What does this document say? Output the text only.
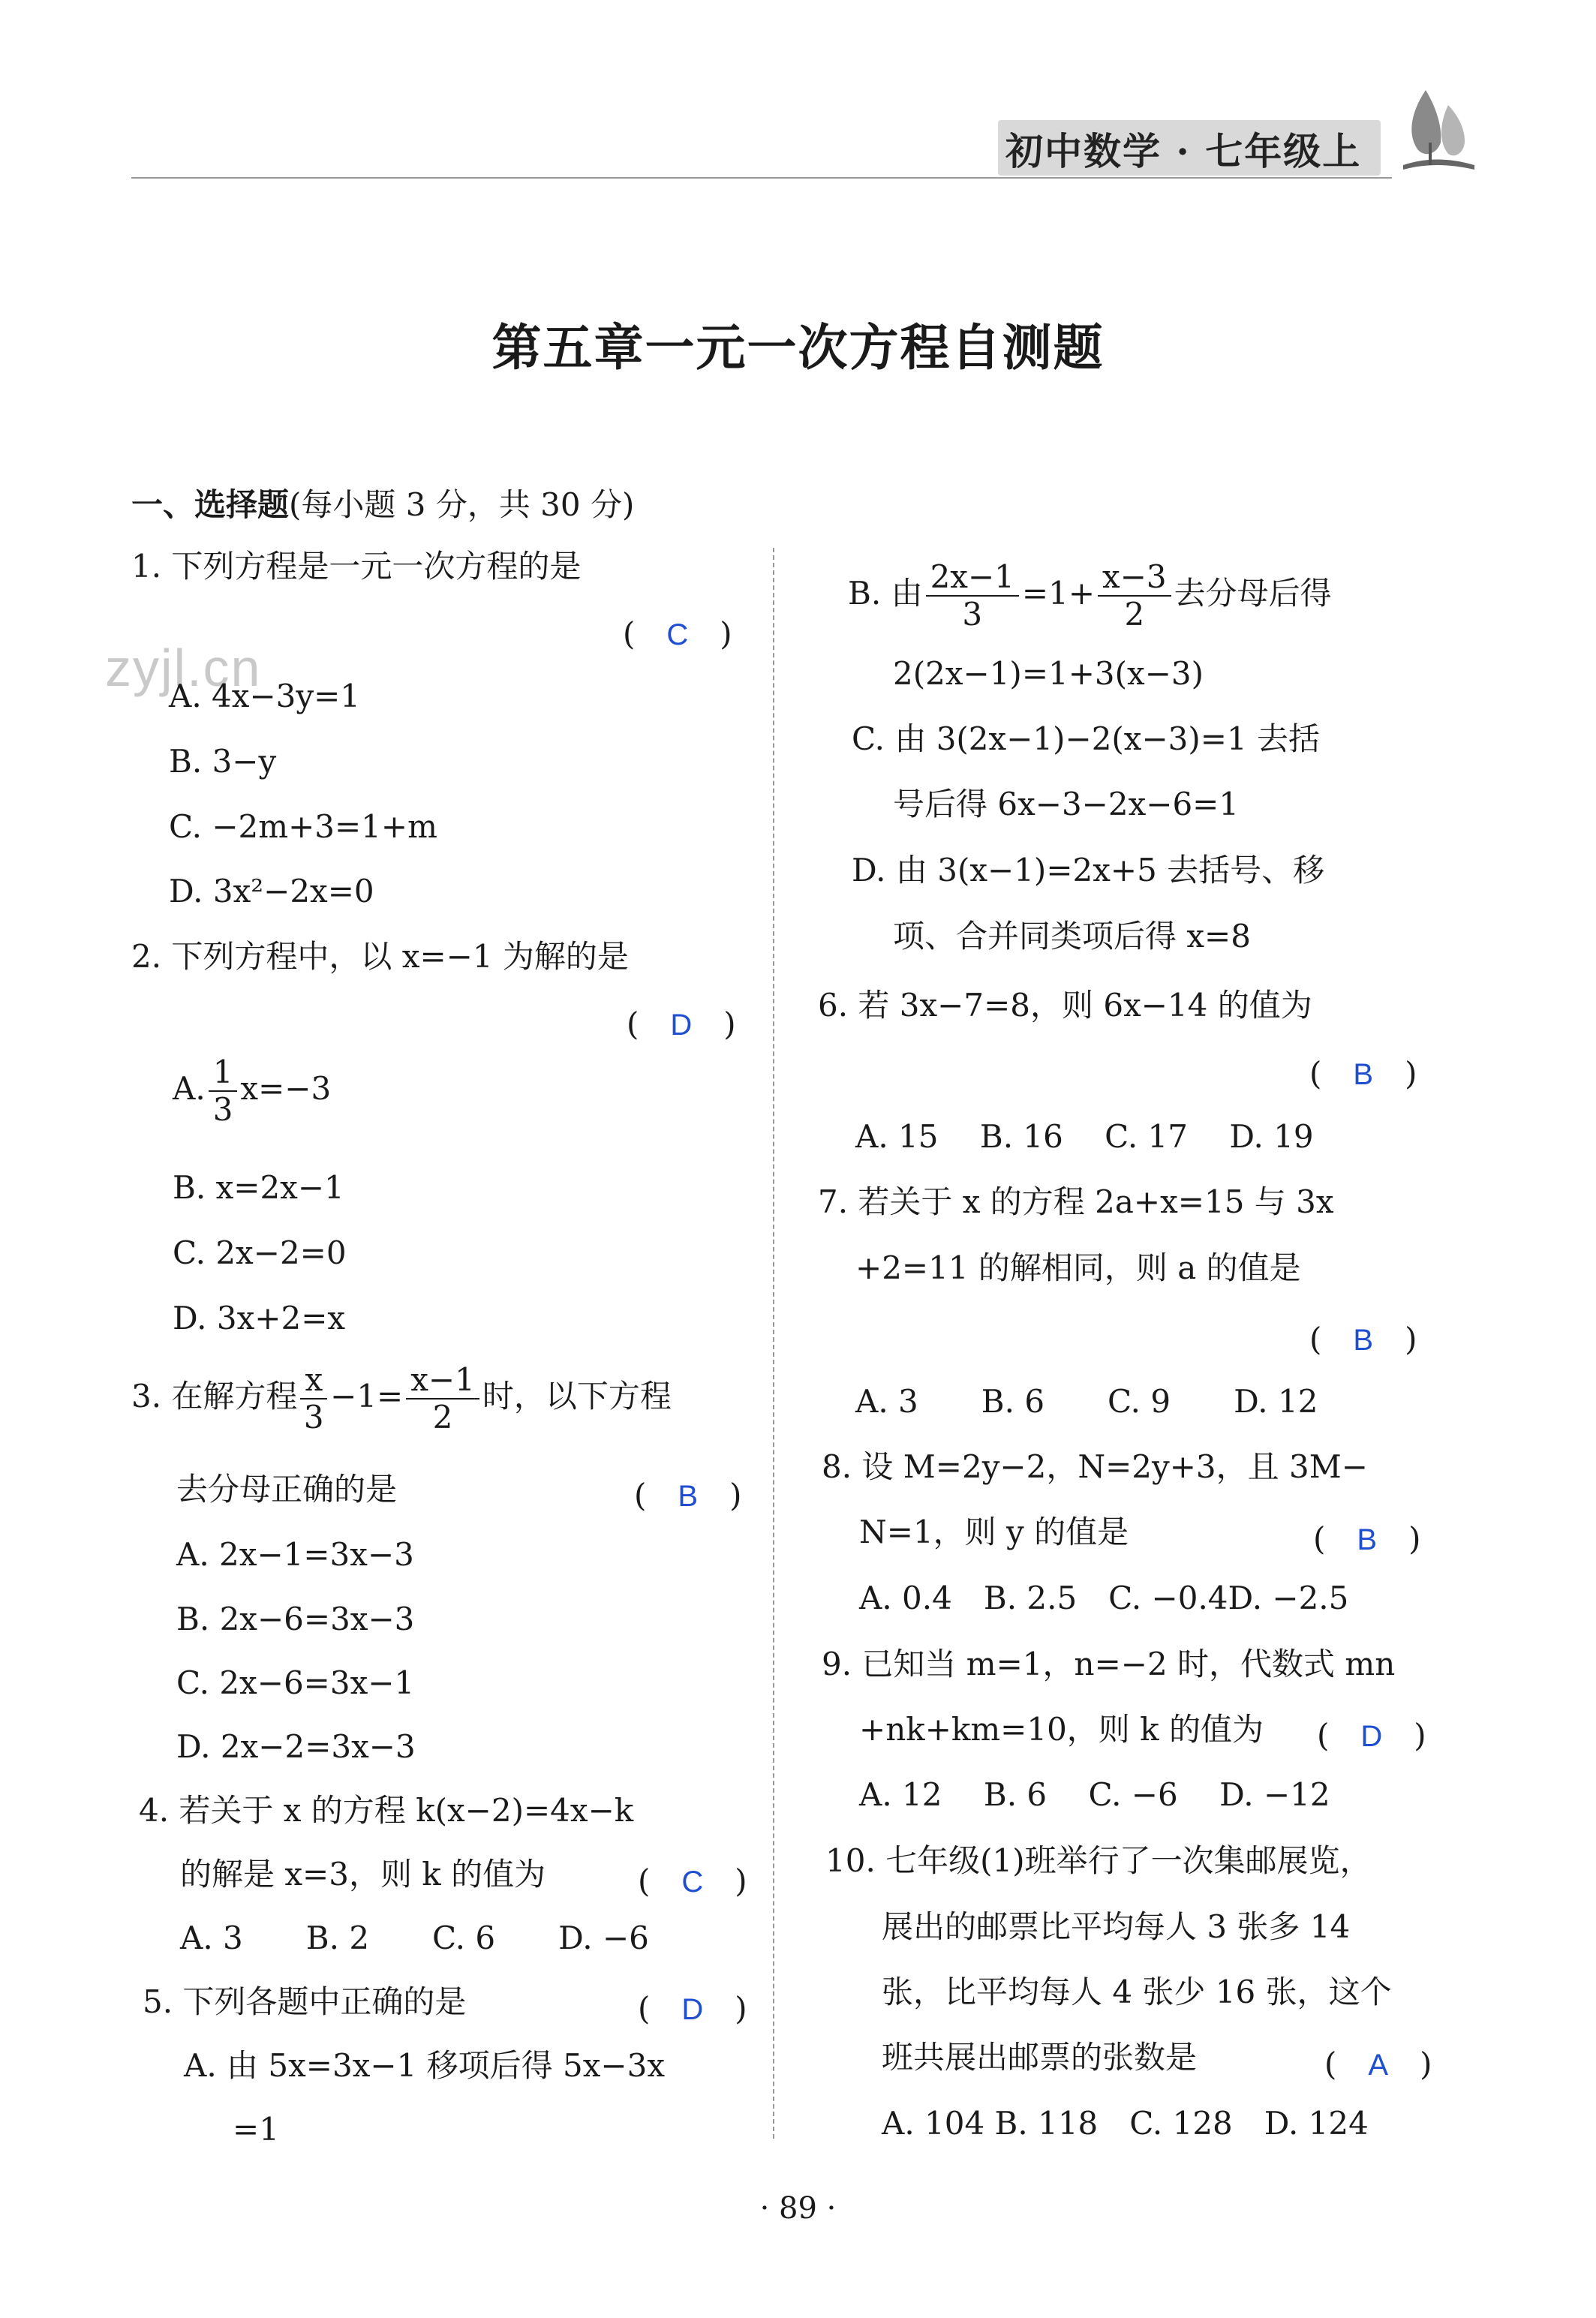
初中数学 · 七年级上
zyjl.cn
第五章一元一次方程自测题
一、选择题(每小题 3 分，共 30 分)
1. 下列方程是一元一次方程的是
(　C　)
A. 4x−3y=1
B. 3−y
C. −2m+3=1+m
D. 3x²−2x=0
2. 下列方程中，以 x=−1 为解的是
(　D　)
A. $\frac{1}{3} x=-3$
B. x=2x−1
C. 2x−2=0
D. 3x+2=x
3. 在解方程 $\frac{x}{3} -1= \frac{x-1}{2}$ 时，以下方程
去分母正确的是	(　B　)
A. 2x−1=3x−3
B. 2x−6=3x−3
C. 2x−6=3x−1
D. 2x−2=3x−3
4. 若关于 x 的方程 k(x−2)=4x−k
的解是 x=3，则 k 的值为	(　C　)
A. 3　　B. 2　　C. 6　　D. −6
5. 下列各题中正确的是	(　D　)
A. 由 5x=3x−1 移项后得 5x−3x
=1
B. 由 $\frac{2x-1}{3} =1+ \frac{x-3}{2}$ 去分母后得
2(2x−1)=1+3(x−3)
C. 由 3(2x−1)−2(x−3)=1 去括
号后得 6x−3−2x−6=1
D. 由 3(x−1)=2x+5 去括号、移
项、合并同类项后得 x=8
6. 若 3x−7=8，则 6x−14 的值为
(　B　)
A. 15　 B. 16　 C. 17　 D. 19
7. 若关于 x 的方程 2a+x=15 与 3x
+2=11 的解相同，则 a 的值是
(　B　)
A. 3　　B. 6　　C. 9　　D. 12
8. 设 M=2y−2，N=2y+3，且 3M−
N=1，则 y 的值是	(　B　)
A. 0.4　B. 2.5　C. −0.4D. −2.5
9. 已知当 m=1，n=−2 时，代数式 mn
+nk+km=10，则 k 的值为 (　D　)
A. 12　 B. 6　 C. −6　 D. −12
10. 七年级(1)班举行了一次集邮展览，
展出的邮票比平均每人 3 张多 14
张，比平均每人 4 张少 16 张，这个
班共展出邮票的张数是	(　A　)
A. 104 B. 118　C. 128　D. 124
· 89 ·
